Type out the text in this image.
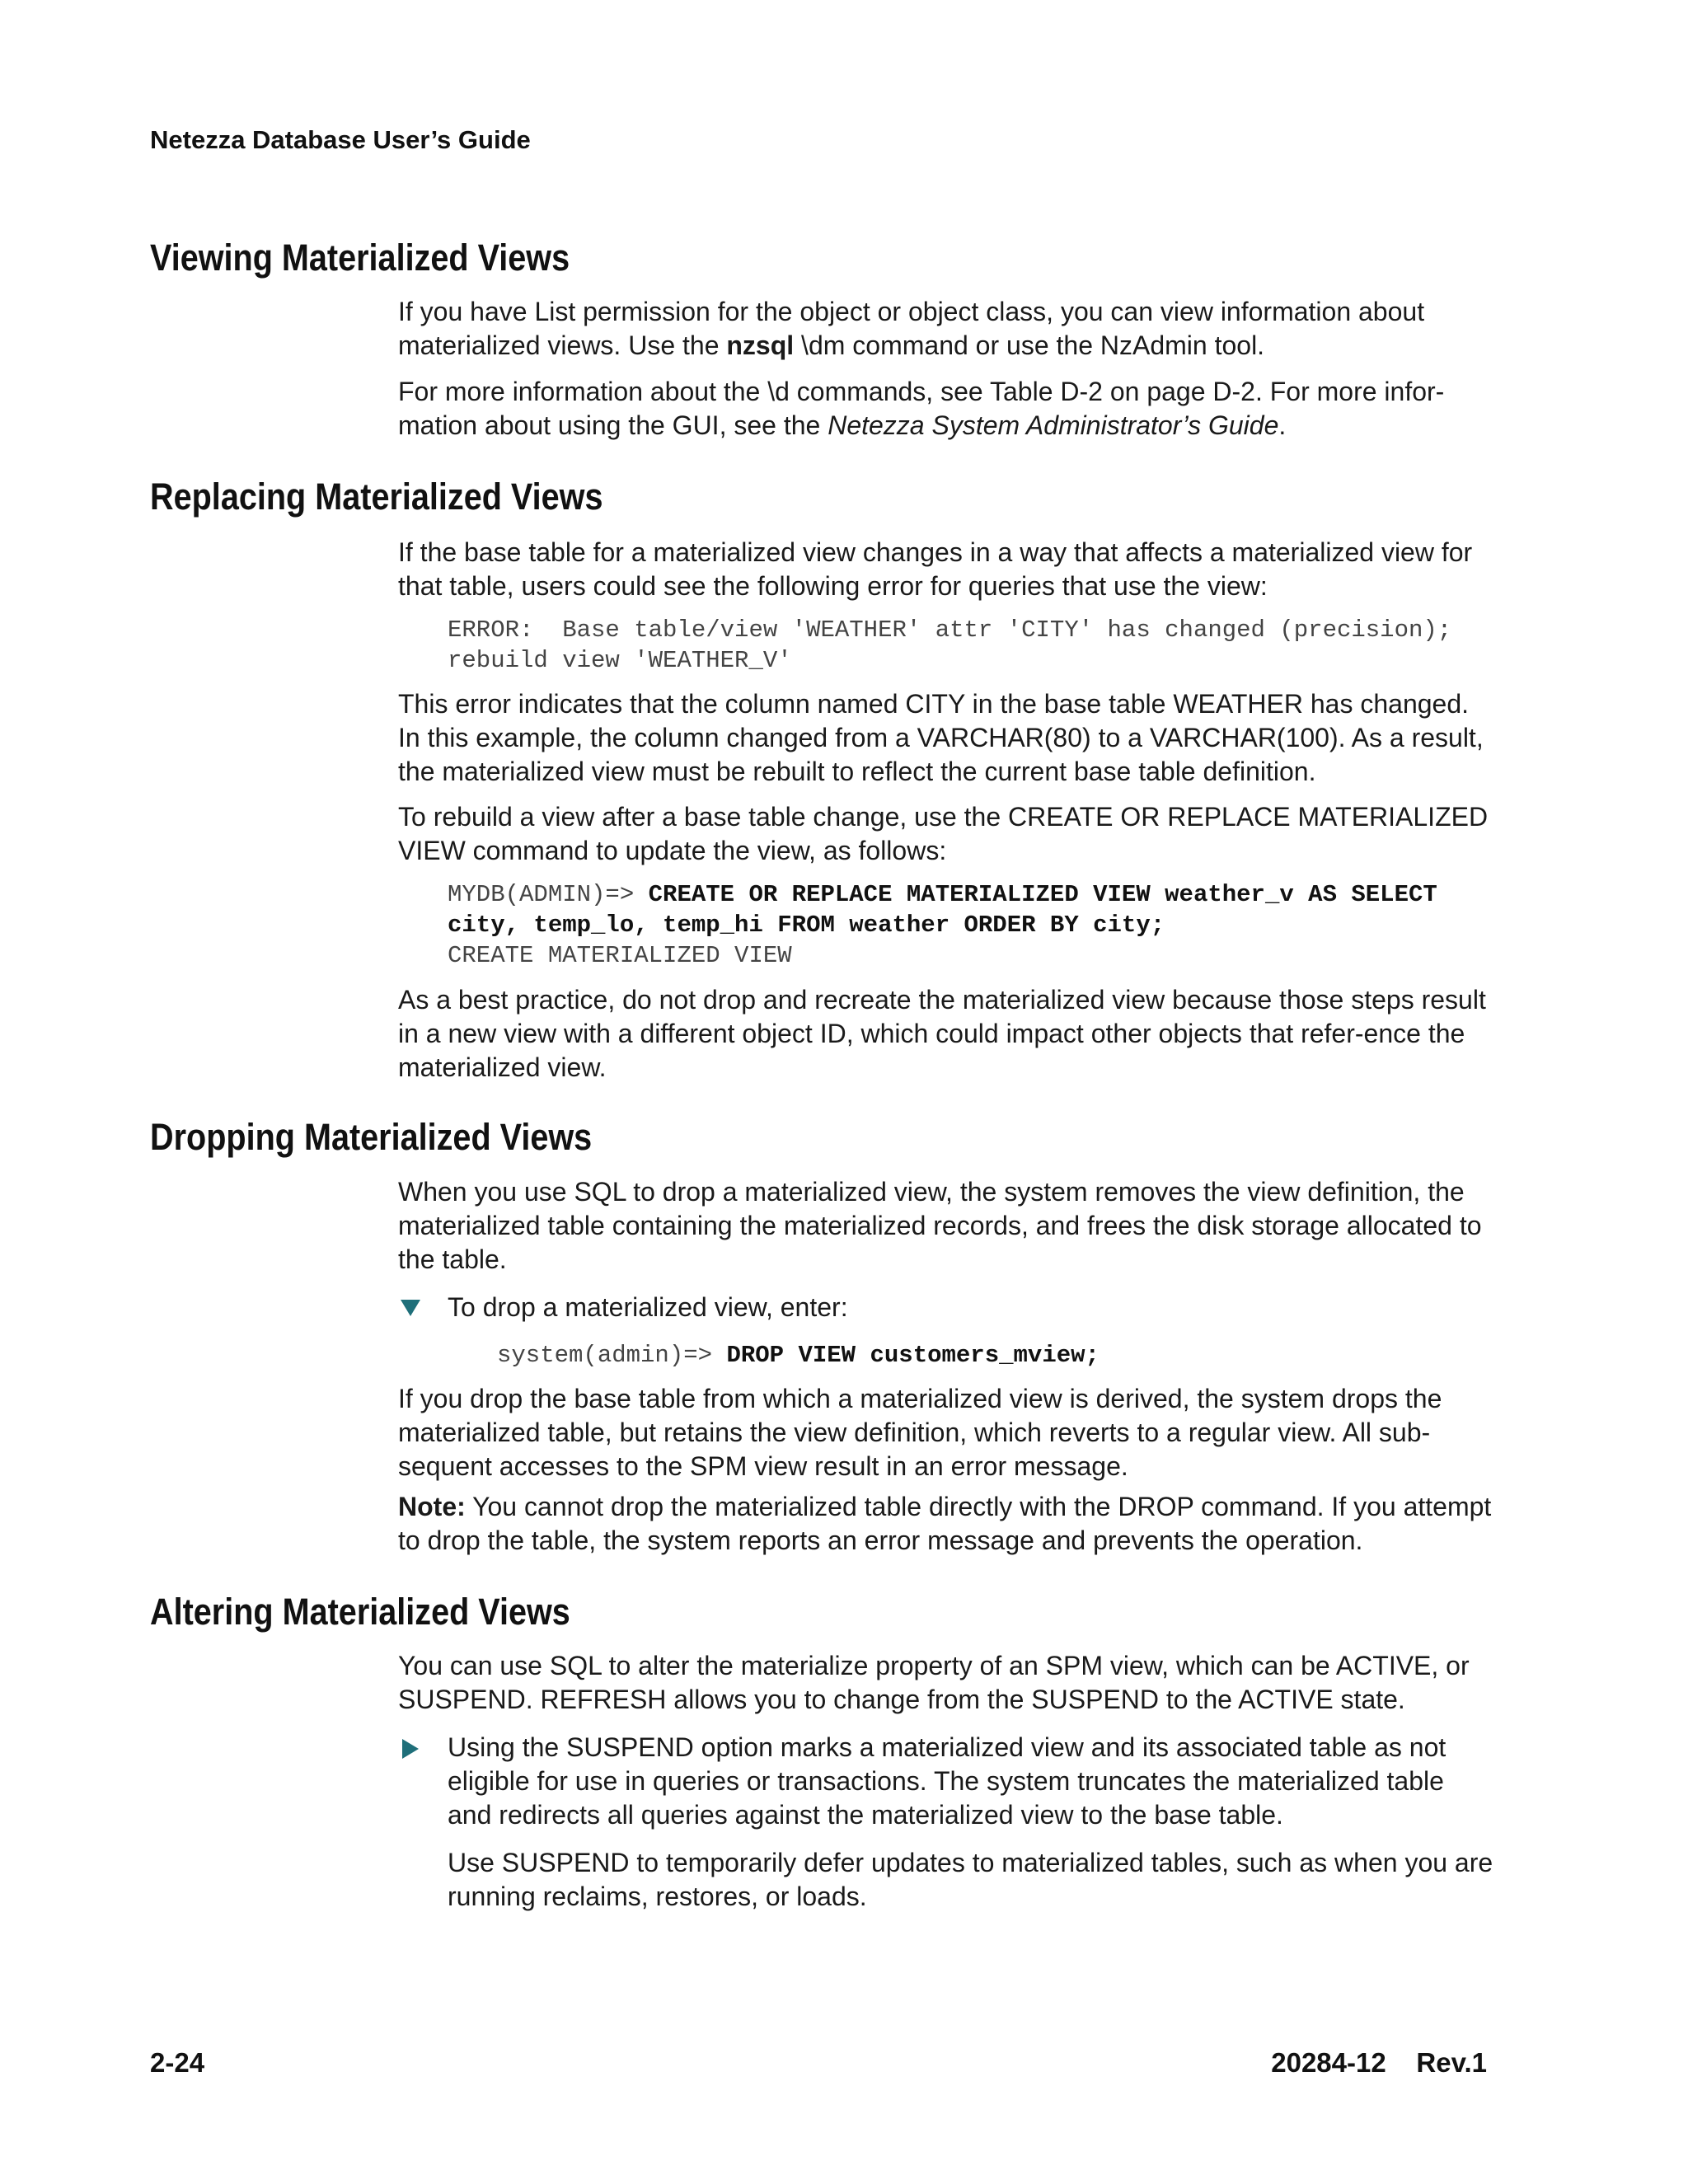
Netezza Database User’s Guide
Viewing Materialized Views

If you have List permission for the object or object class, you can view information about materialized views. Use the nzsql \dm command or use the NzAdmin tool.

For more information about the \d commands, see Table D-2 on page D-2. For more infor-mation about using the GUI, see the Netezza System Administrator’s Guide.

Replacing Materialized Views

If the base table for a materialized view changes in a way that affects a materialized view for that table, users could see the following error for queries that use the view:

ERROR:  Base table/view 'WEATHER' attr 'CITY' has changed (precision);
rebuild view 'WEATHER_V'

This error indicates that the column named CITY in the base table WEATHER has changed. In this example, the column changed from a VARCHAR(80) to a VARCHAR(100). As a result, the materialized view must be rebuilt to reflect the current base table definition.

To rebuild a view after a base table change, use the CREATE OR REPLACE MATERIALIZED VIEW command to update the view, as follows:

MYDB(ADMIN)=> CREATE OR REPLACE MATERIALIZED VIEW weather_v AS SELECT
city, temp_lo, temp_hi FROM weather ORDER BY city;
CREATE MATERIALIZED VIEW

As a best practice, do not drop and recreate the materialized view because those steps result in a new view with a different object ID, which could impact other objects that refer-ence the materialized view.

Dropping Materialized Views

When you use SQL to drop a materialized view, the system removes the view definition, the materialized table containing the materialized records, and frees the disk storage allocated to the table.

To drop a materialized view, enter:

system(admin)=> DROP VIEW customers_mview;

If you drop the base table from which a materialized view is derived, the system drops the materialized table, but retains the view definition, which reverts to a regular view. All sub-sequent accesses to the SPM view result in an error message.

Note: You cannot drop the materialized table directly with the DROP command. If you attempt to drop the table, the system reports an error message and prevents the operation.

Altering Materialized Views

You can use SQL to alter the materialize property of an SPM view, which can be ACTIVE, or SUSPEND. REFRESH allows you to change from the SUSPEND to the ACTIVE state.

Using the SUSPEND option marks a materialized view and its associated table as not eligible for use in queries or transactions. The system truncates the materialized table and redirects all queries against the materialized view to the base table.

Use SUSPEND to temporarily defer updates to materialized tables, such as when you are running reclaims, restores, or loads.

2-24	20284-12    Rev.1
